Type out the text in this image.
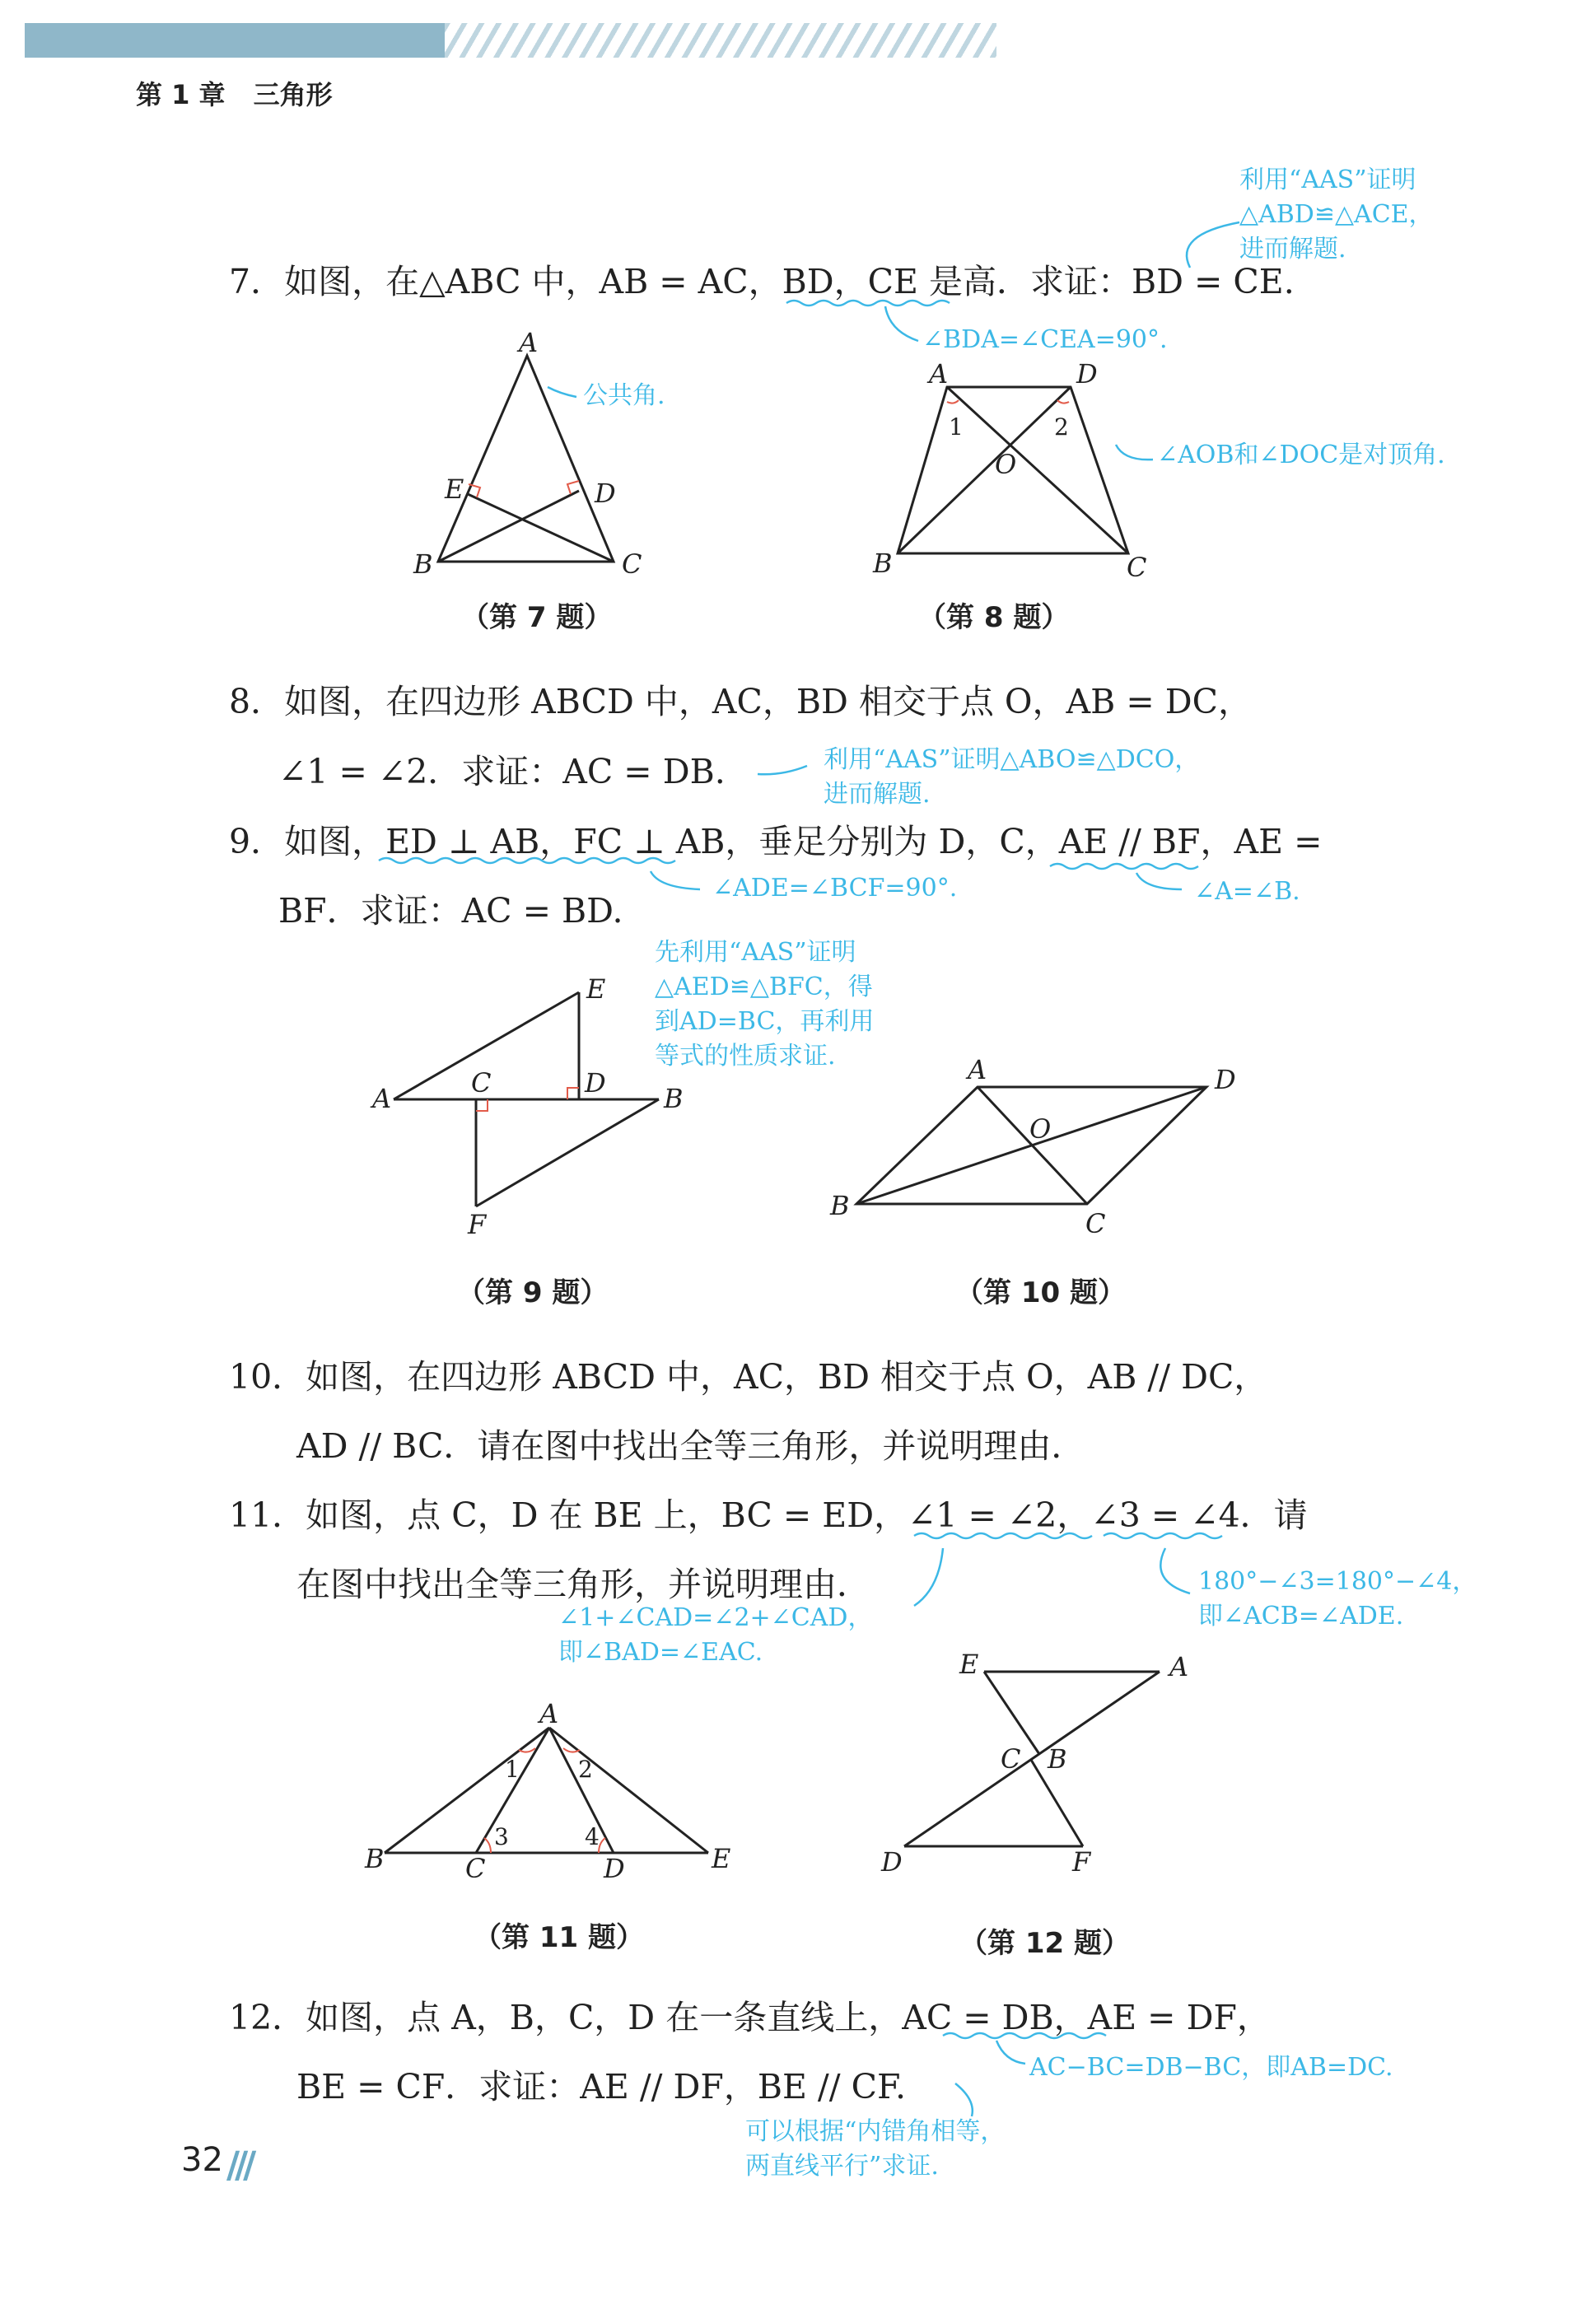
第 1 章 三角形
7．如图，在△ABC 中，AB = AC，BD，CE 是高．求证：BD = CE.
8．如图，在四边形 ABCD 中，AC，BD 相交于点 O，AB = DC，
∠1 = ∠2．求证：AC = DB.
9．如图，ED ⊥ AB，FC ⊥ AB，垂足分别为 D，C，AE // BF，AE =
BF．求证：AC = BD.
10．如图，在四边形 ABCD 中，AC，BD 相交于点 O，AB // DC，
AD // BC．请在图中找出全等三角形，并说明理由．
11．如图，点 C，D 在 BE 上，BC = ED，∠1 = ∠2，∠3 = ∠4．请
在图中找出全等三角形，并说明理由．
12．如图，点 A，B，C，D 在一条直线上，AC = DB，AE = DF，
BE = CF．求证：AE // DF，BE // CF.
利用“AAS”证明
△ABD≌△ACE，
进而解题.
∠BDA=∠CEA=90°.
公共角.
∠AOB和∠DOC是对顶角.
利用“AAS”证明△ABO≌△DCO，
进而解题.
∠ADE=∠BCF=90°.	∠A=∠B.
先利用“AAS”证明
△AED≌△BFC，得
到AD=BC，再利用
等式的性质求证.
∠1+∠CAD=∠2+∠CAD，
即∠BAD=∠EAC.
180°−∠3=180°−∠4，
即∠ACB=∠ADE.
AC−BC=DB−BC，即AB=DC.
可以根据“内错角相等，
两直线平行”求证.
（第 7 题）	（第 8 题）
（第 9 题）	（第 10 题）
（第 11 题）	（第 12 题）
32 ///
A
B	C
D
E
A
B	C
D
O
1	2
A	B
C	D
E
F
A
B
C
D
O
A
B	C	D	E
1	2
3	4
E	A
C B
D	F
